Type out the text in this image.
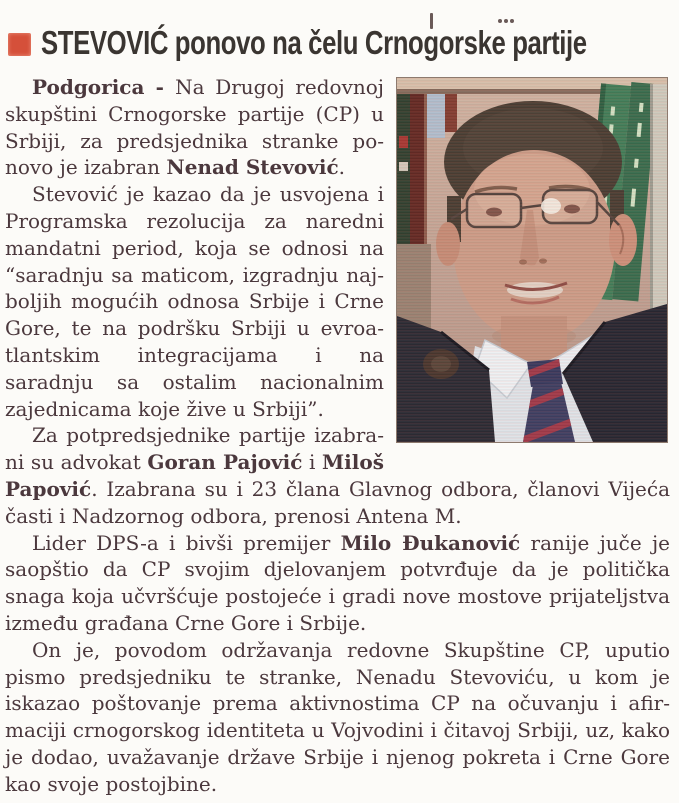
STEVOVIĆ ponovo na čelu Crnogorske partije

Podgorica - Na Drugoj redovnoj skupštini Crnogorske partije (CP) u Srbiji, za predsjednika stranke ponovo je izabran Nenad Stevović.

Stevović je kazao da je usvojena i Programska rezolucija za naredni mandatni period, koja se odnosi na “saradnju sa maticom, izgradnju najboljih mogućih odnosa Srbije i Crne Gore, te na podršku Srbiji u evroatlantskim integracijama i na saradnju sa ostalim nacionalnim zajednicama koje žive u Srbiji”.

Za potpredsjednike partije izabrani su advokat Goran Pajović i Miloš Papović. Izabrana su i 23 člana Glavnog odbora, članovi Vijeća časti i Nadzornog odbora, prenosi Antena M.

Lider DPS-a i bivši premijer Milo Đukanović ranije juče je saopštio da CP svojim djelovanjem potvrđuje da je politička snaga koja učvršćuje postojeće i gradi nove mostove prijateljstva između građana Crne Gore i Srbije.

On je, povodom održavanja redovne Skupštine CP, uputio pismo predsjedniku te stranke, Nenadu Stevoviću, u kom je iskazao poštovanje prema aktivnostima CP na očuvanju i afirmaciji crnogorskog identiteta u Vojvodini i čitavoj Srbiji, uz, kako je dodao, uvažavanje države Srbije i njenog pokreta i Crne Gore kao svoje postojbine.
